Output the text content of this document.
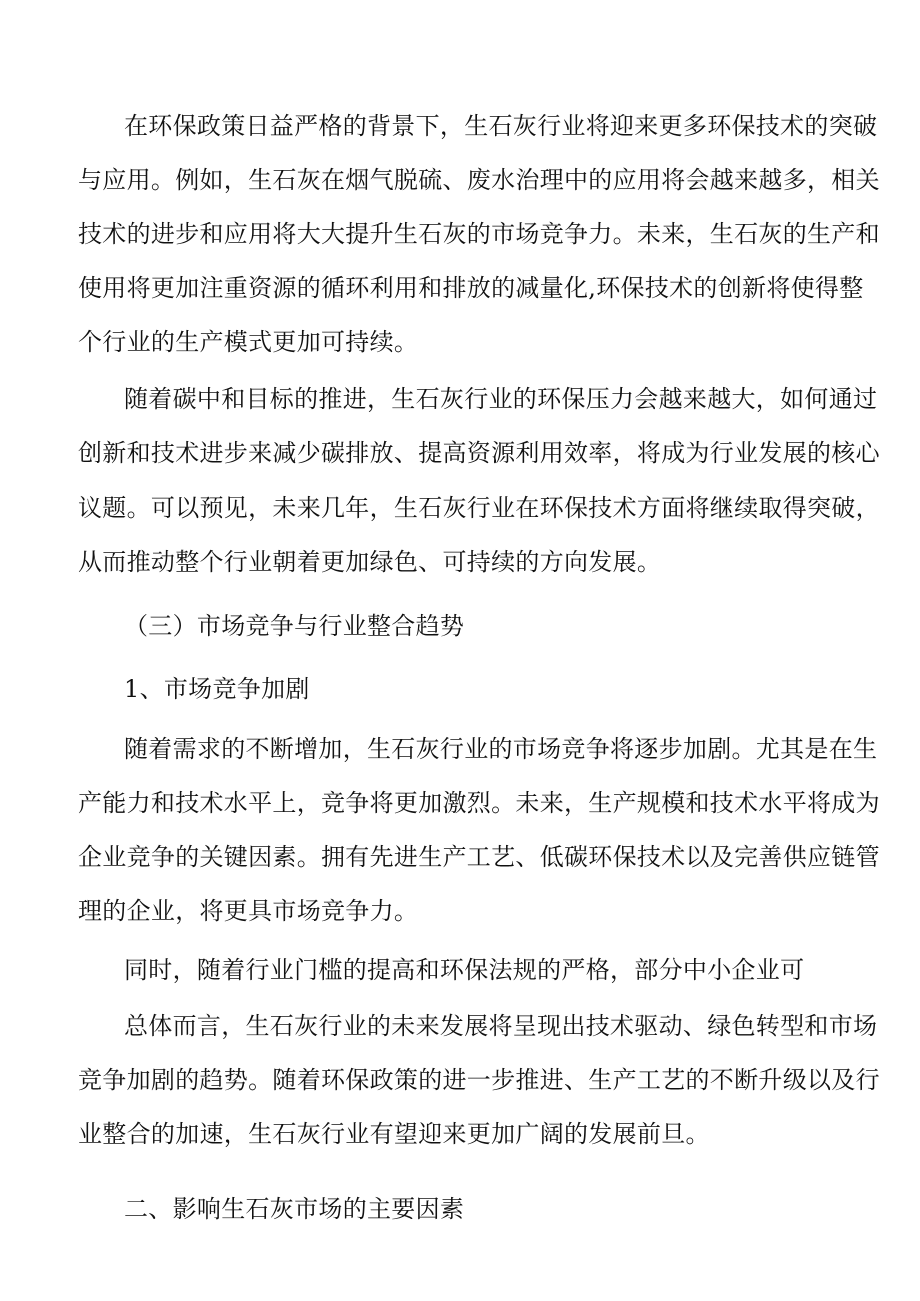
在环保政策日益严格的背景下，生石灰行业将迎来更多环保技术的突破
与应用。例如，生石灰在烟气脱硫、废水治理中的应用将会越来越多，相关
技术的进步和应用将大大提升生石灰的市场竞争力。未来，生石灰的生产和
使用将更加注重资源的循环利用和排放的减量化,环保技术的创新将使得整
个行业的生产模式更加可持续。
随着碳中和目标的推进，生石灰行业的环保压力会越来越大，如何通过
创新和技术进步来减少碳排放、提高资源利用效率，将成为行业发展的核心
议题。可以预见，未来几年，生石灰行业在环保技术方面将继续取得突破，
从而推动整个行业朝着更加绿色、可持续的方向发展。
（三）市场竞争与行业整合趋势
1、市场竞争加剧
随着需求的不断增加，生石灰行业的市场竞争将逐步加剧。尤其是在生
产能力和技术水平上，竞争将更加激烈。未来，生产规模和技术水平将成为
企业竞争的关键因素。拥有先进生产工艺、低碳环保技术以及完善供应链管
理的企业，将更具市场竞争力。
同时，随着行业门槛的提高和环保法规的严格，部分中小企业可
总体而言，生石灰行业的未来发展将呈现出技术驱动、绿色转型和市场
竞争加剧的趋势。随着环保政策的进一步推进、生产工艺的不断升级以及行
业整合的加速，生石灰行业有望迎来更加广阔的发展前旦。
二、影响生石灰市场的主要因素
